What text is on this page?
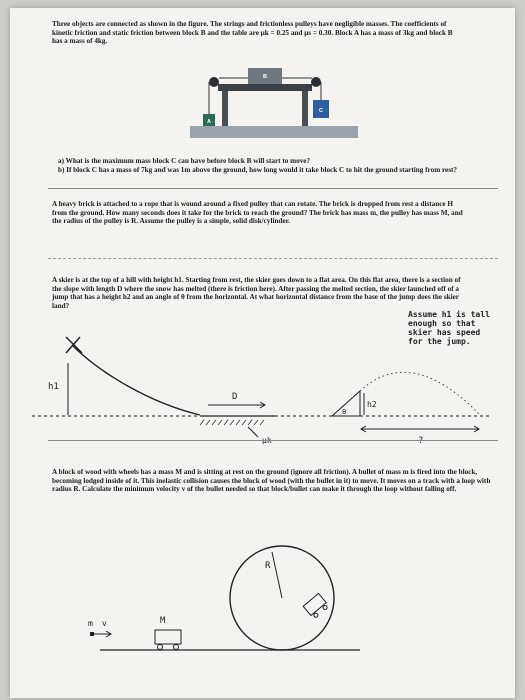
Three objects are connected as shown in the figure. The strings and frictionless pulleys have negligible masses. The coefficients of kinetic friction and static friction between block B and the table are μk = 0.25 and μs = 0.30. Block A has a mass of 3kg and block B has a mass of 4kg.
B
A
C
a) What is the maximum mass block C can have before block B will start to move?
b) If block C has a mass of 7kg and was 1m above the ground, how long would it take block C to hit the ground starting from rest?
A heavy brick is attached to a rope that is wound around a fixed pulley that can rotate. The brick is dropped from rest a distance H from the ground. How many seconds does it take for the brick to reach the ground? The brick has mass m, the pulley has mass M, and the radius of the pulley is R. Assume the pulley is a simple, solid disk/cylinder.
A skier is at the top of a hill with height h1. Starting from rest, the skier goes down to a flat area. On this flat area, there is a section of the slope with length D where the snow has melted (there is friction here). After passing the melted section, the skier launched off of a jump that has a height h2 and an angle of θ from the horizontal. At what horizontal distance from the base of the jump does the skier land?
Assume h1 is tall
enough so that
skier has speed
for the jump.
h1
D
μk
θ
h2
?
A block of wood with wheels has a mass M and is sitting at rest on the ground (ignore all friction). A bullet of mass m is fired into the block, becoming lodged inside of it. This inelastic collision causes the block of wood (with the bullet in it) to move. It moves on a track with a loop with radius R. Calculate the minimum velocity v of the bullet needed so that block/bullet can make it through the loop without falling off.
R
M
m v
